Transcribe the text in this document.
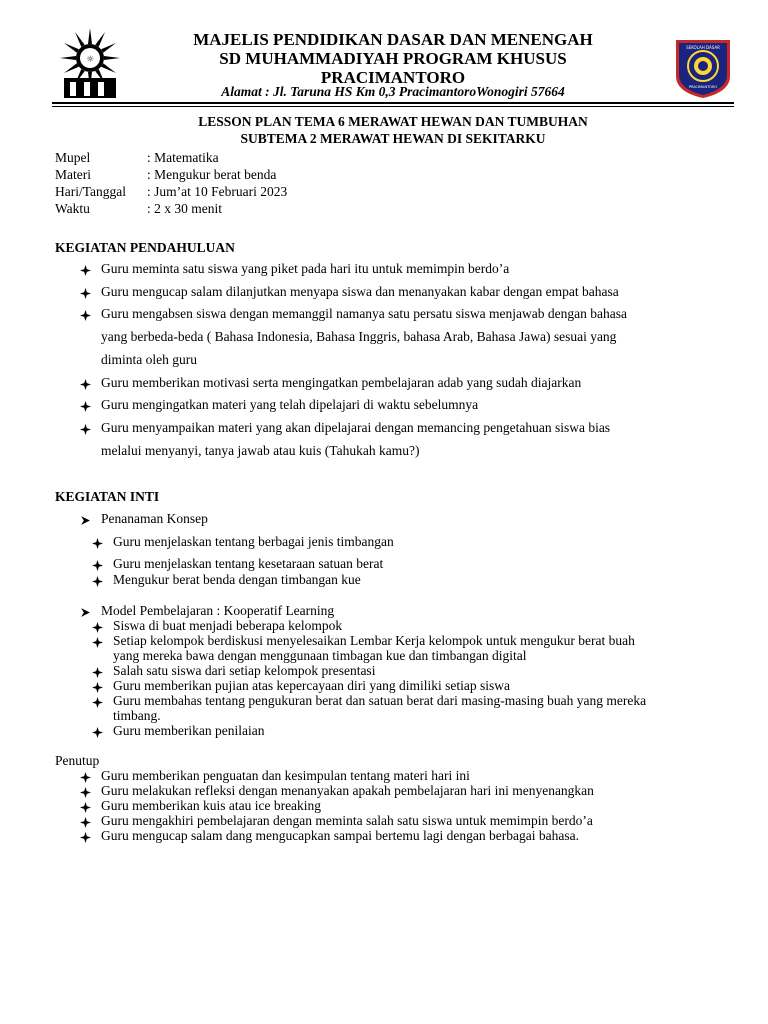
☼
SEKOLAH DASAR
PRACIMANTORO
MAJELIS PENDIDIKAN DASAR DAN MENENGAH
SD MUHAMMADIYAH PROGRAM KHUSUS
PRACIMANTORO
Alamat : Jl. Taruna HS Km 0,3 PracimantoroWonogiri 57664
LESSON PLAN TEMA 6 MERAWAT HEWAN DAN TUMBUHAN
SUBTEMA 2 MERAWAT HEWAN DI SEKITARKU
Mupel	: Matematika
Materi	: Mengukur berat benda
Hari/Tanggal : Jum’at 10 Februari 2023
Waktu	: 2 x 30 menit
KEGIATAN PENDAHULUAN
Guru meminta satu siswa yang piket pada hari itu untuk memimpin berdo’a
Guru mengucap salam dilanjutkan menyapa siswa dan menanyakan kabar dengan empat bahasa
Guru mengabsen siswa dengan memanggil namanya satu persatu siswa menjawab dengan bahasa
yang berbeda-beda ( Bahasa Indonesia, Bahasa Inggris, bahasa Arab, Bahasa Jawa) sesuai yang
diminta oleh guru
Guru memberikan motivasi serta mengingatkan pembelajaran adab yang sudah diajarkan
Guru mengingatkan materi yang telah dipelajari di waktu sebelumnya
Guru menyampaikan materi yang akan dipelajarai dengan memancing pengetahuan siswa bias
melalui menyanyi, tanya jawab atau kuis (Tahukah kamu?)
KEGIATAN INTI
Penanaman Konsep
Guru menjelaskan tentang berbagai jenis timbangan
Guru menjelaskan tentang kesetaraan satuan berat
Mengukur berat benda dengan timbangan kue
Model Pembelajaran : Kooperatif Learning
Siswa di buat menjadi beberapa kelompok
Setiap kelompok berdiskusi menyelesaikan Lembar Kerja kelompok untuk mengukur berat buah
yang mereka bawa dengan menggunaan timbagan kue dan timbangan digital
Salah satu siswa dari setiap kelompok presentasi
Guru memberikan pujian atas kepercayaan diri yang dimiliki setiap siswa
Guru membahas tentang pengukuran berat dan satuan berat dari masing-masing buah yang mereka
timbang.
Guru memberikan penilaian
Penutup
Guru memberikan penguatan dan kesimpulan tentang materi hari ini
Guru melakukan refleksi dengan menanyakan apakah pembelajaran hari ini menyenangkan
Guru memberikan kuis atau ice breaking
Guru mengakhiri pembelajaran dengan meminta salah satu siswa untuk memimpin berdo’a
Guru mengucap salam dang mengucapkan sampai bertemu lagi dengan berbagai bahasa.
